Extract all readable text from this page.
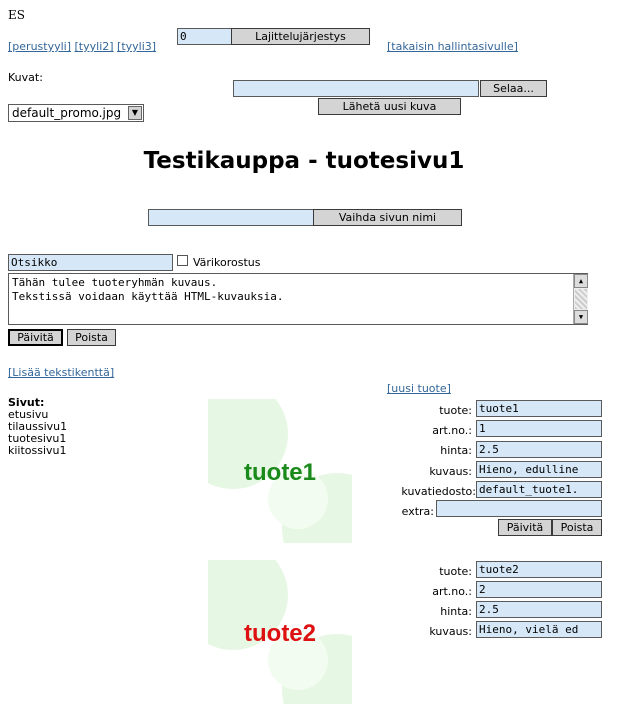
ES
[perustyyli] [tyyli2] [tyyli3]
0	Lajittelujärjestys
[takaisin hallintasivulle]
Kuvat:
Selaa...
Lähetä uusi kuva
default_promo.jpg	▼
Testikauppa - tuotesivu1
Vaihda sivun nimi
Otsikko	Värikorostus
Tähän tulee tuoteryhmän kuvaus.
Tekstissä voidaan käyttää HTML-kuvauksia.
▲
▼
Päivitä	Poista
[Lisää tekstikenttä]
[uusi tuote]
Sivut:
etusivu
tilaussivu1
tuotesivu1
kiitossivu1
tuote1
tuote: tuote1
art.no.: 1
hinta: 2.5
kuvaus: Hieno, edulline
kuvatiedosto: default_tuote1.
extra:
Päivitä	Poista
tuote2
tuote: tuote2
art.no.: 2
hinta: 2.5
kuvaus: Hieno, vielä ed
